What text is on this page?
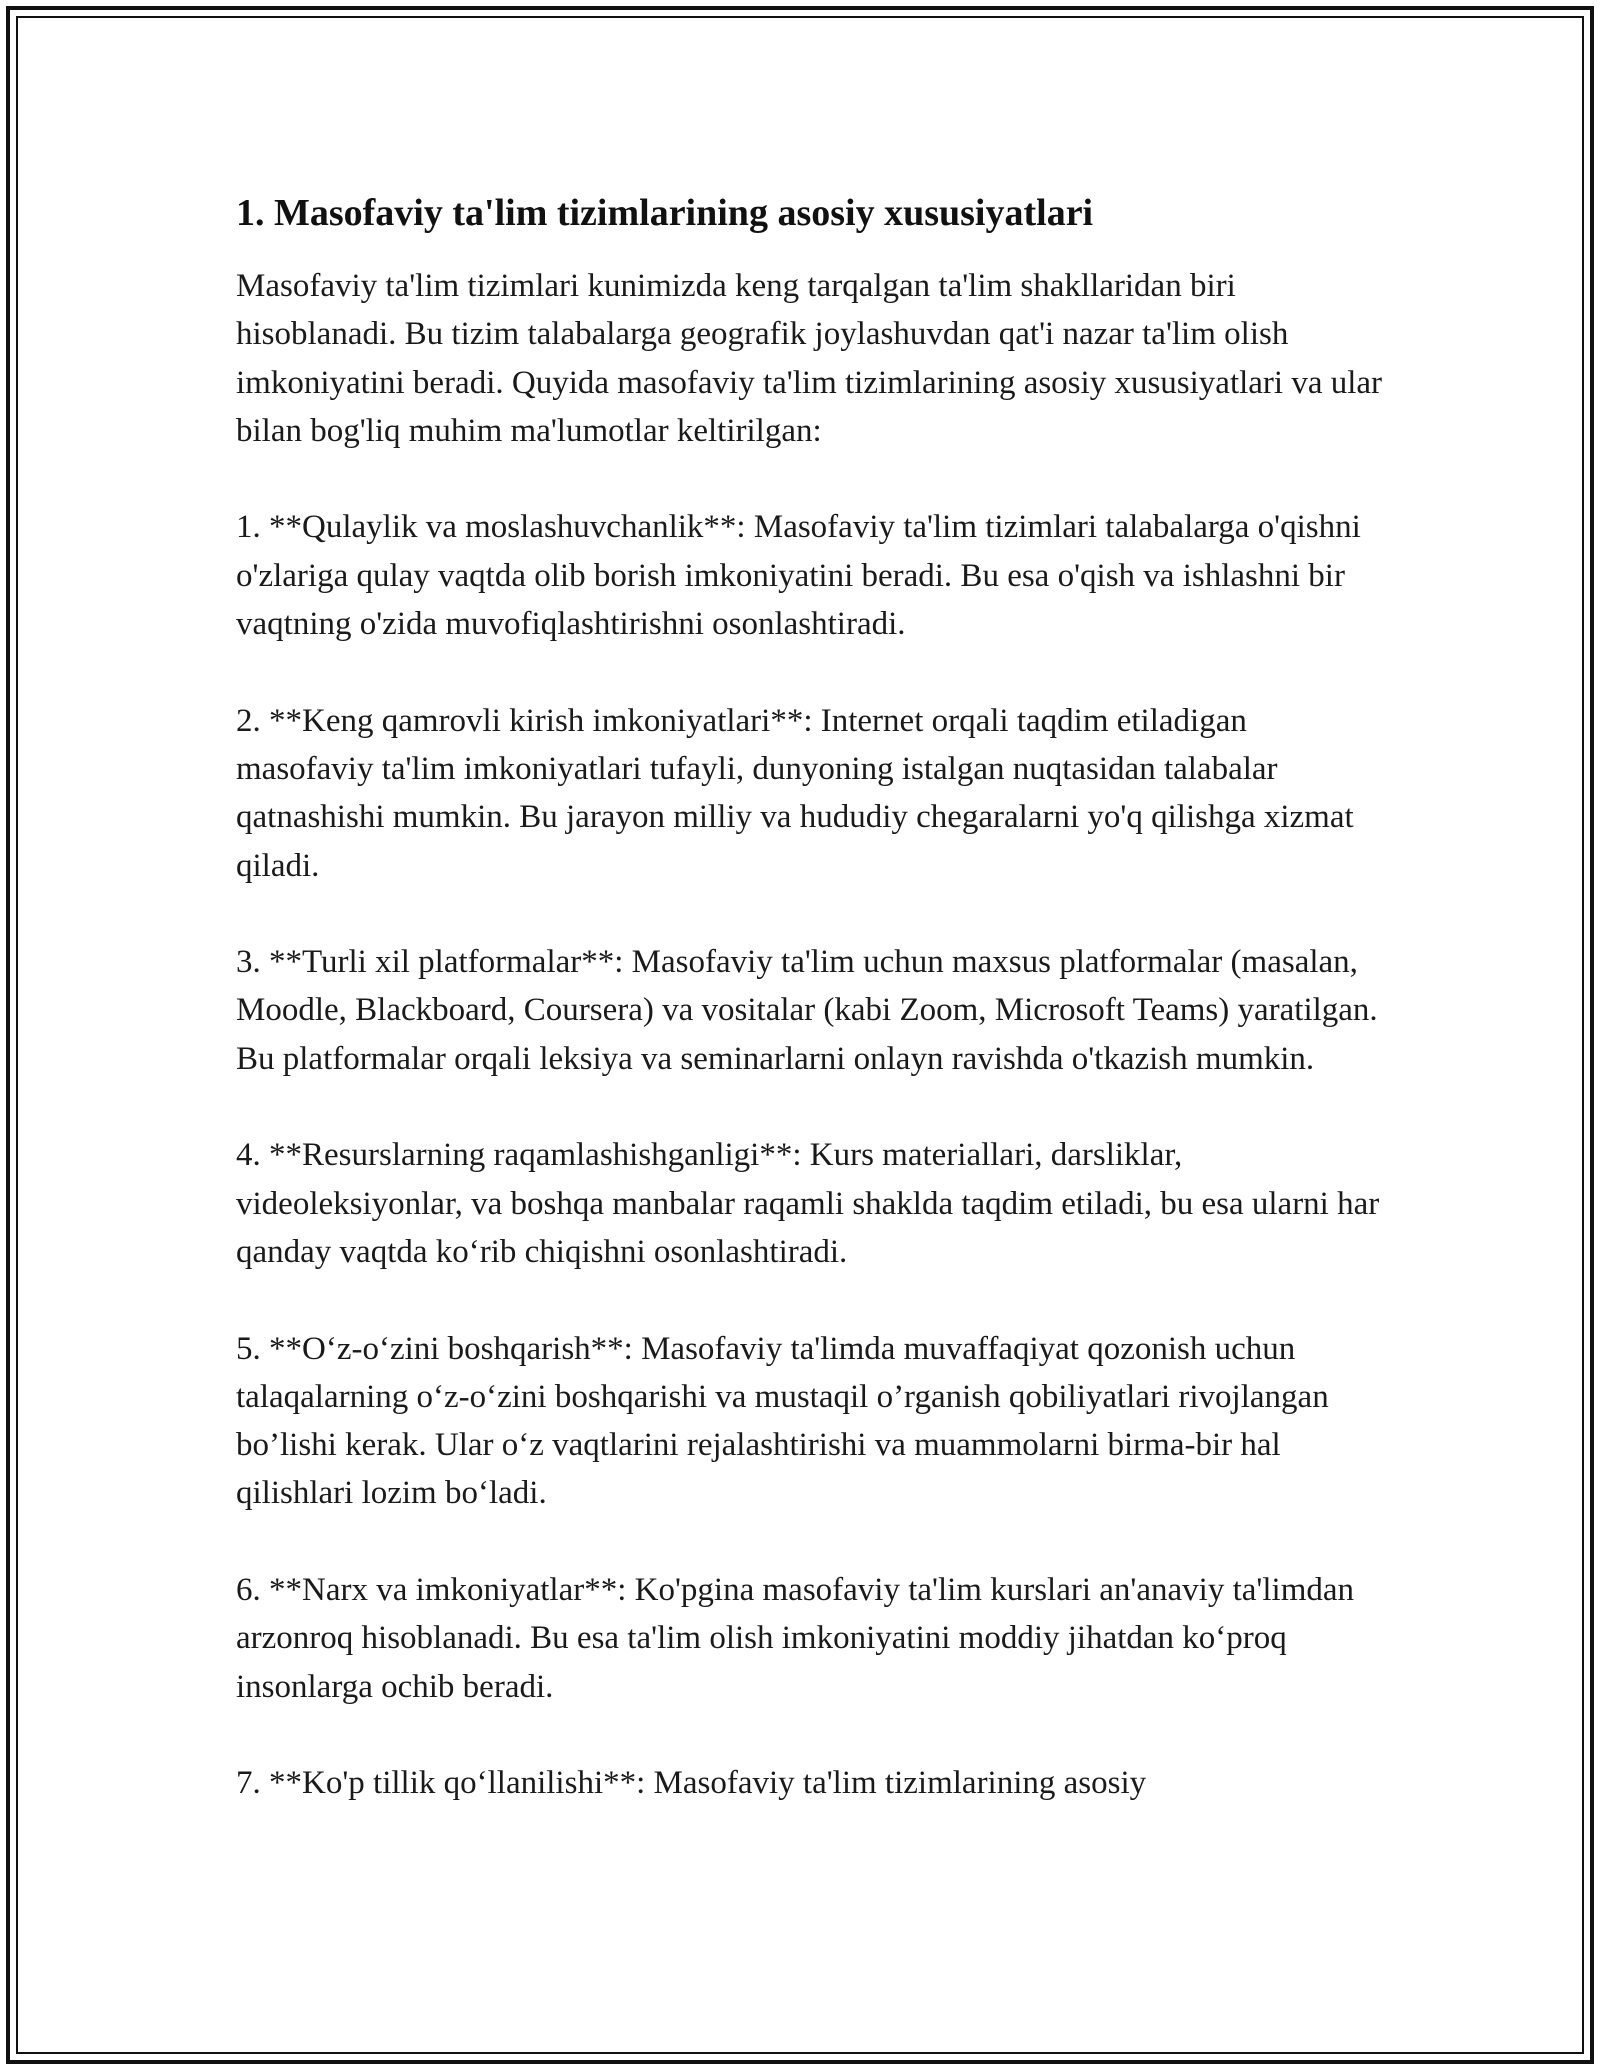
1. Masofaviy ta'lim tizimlarining asosiy xususiyatlari

Masofaviy ta'lim tizimlari kunimizda keng tarqalgan ta'lim shakllaridan biri hisoblanadi. Bu tizim talabalarga geografik joylashuvdan qat'i nazar ta'lim olish imkoniyatini beradi. Quyida masofaviy ta'lim tizimlarining asosiy xususiyatlari va ular bilan bog'liq muhim ma'lumotlar keltirilgan:

1. **Qulaylik va moslashuvchanlik**: Masofaviy ta'lim tizimlari talabalarga o'qishni o'zlariga qulay vaqtda olib borish imkoniyatini beradi. Bu esa o'qish va ishlashni bir vaqtning o'zida muvofiqlashtirishni osonlashtiradi.

2. **Keng qamrovli kirish imkoniyatlari**: Internet orqali taqdim etiladigan masofaviy ta'lim imkoniyatlari tufayli, dunyoning istalgan nuqtasidan talabalar qatnashishi mumkin. Bu jarayon milliy va hududiy chegaralarni yo'q qilishga xizmat qiladi.

3. **Turli xil platformalar**: Masofaviy ta'lim uchun maxsus platformalar (masalan, Moodle, Blackboard, Coursera) va vositalar (kabi Zoom, Microsoft Teams) yaratilgan. Bu platformalar orqali leksiya va seminarlarni onlayn ravishda o'tkazish mumkin.

4. **Resurslarning raqamlashishganligi**: Kurs materiallari, darsliklar, videoleksiyonlar, va boshqa manbalar raqamli shaklda taqdim etiladi, bu esa ularni har qanday vaqtda ko‘rib chiqishni osonlashtiradi.

5. **O‘z-o‘zini boshqarish**: Masofaviy ta'limda muvaffaqiyat qozonish uchun talaqalarning o‘z-o‘zini boshqarishi va mustaqil o’rganish qobiliyatlari rivojlangan bo’lishi kerak. Ular o‘z vaqtlarini rejalashtirishi va muammolarni birma-bir hal qilishlari lozim bo‘ladi.

6. **Narx va imkoniyatlar**: Ko'pgina masofaviy ta'lim kurslari an'anaviy ta'limdan arzonroq hisoblanadi. Bu esa ta'lim olish imkoniyatini moddiy jihatdan ko‘proq insonlarga ochib beradi.

7. **Ko'p tillik qo‘llanilishi**: Masofaviy ta'lim tizimlarining asosiy
